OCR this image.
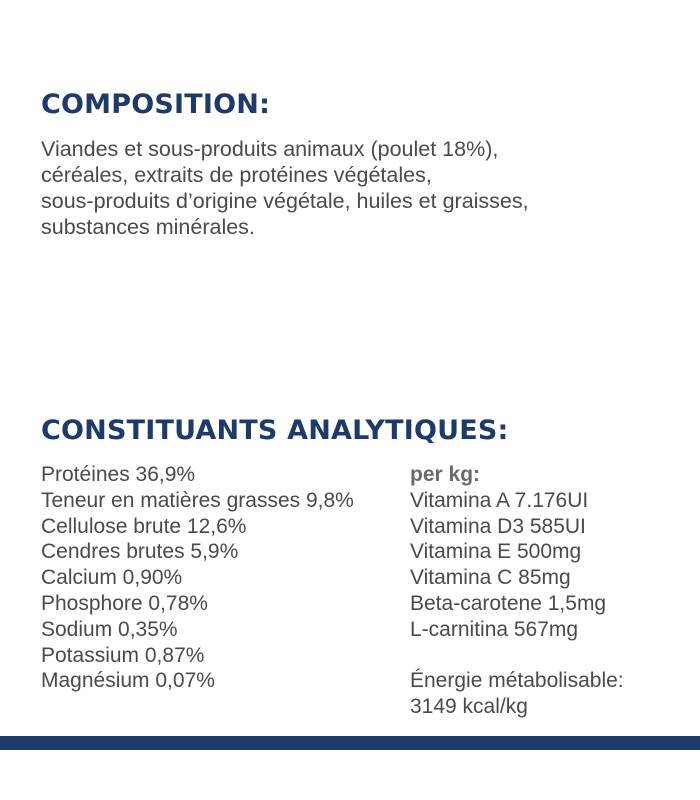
COMPOSITION:
Viandes et sous-produits animaux (poulet 18%),
céréales, extraits de protéines végétales,
sous-produits d’origine végétale, huiles et graisses,
substances minérales.
CONSTITUANTS ANALYTIQUES:
Protéines 36,9%
Teneur en matières grasses 9,8%
Cellulose brute 12,6%
Cendres brutes 5,9%
Calcium 0,90%
Phosphore 0,78%
Sodium 0,35%
Potassium 0,87%
Magnésium 0,07%
per kg:
Vitamina A 7.176UI
Vitamina D3 585UI
Vitamina E 500mg
Vitamina C 85mg
Beta-carotene 1,5mg
L-carnitina 567mg
Énergie métabolisable:
3149 kcal/kg
